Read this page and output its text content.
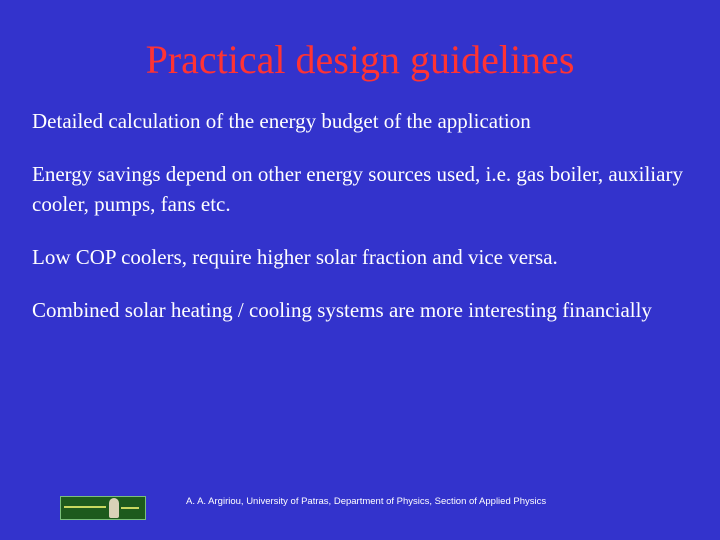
Practical design guidelines
Detailed calculation of the energy budget of the application
Energy savings depend on other energy sources used, i.e. gas boiler, auxiliary cooler, pumps, fans etc.
Low COP coolers, require higher solar fraction and vice versa.
Combined solar heating / cooling systems are more interesting financially
A. A. Argiriou, University of Patras, Department of Physics, Section of Applied Physics
